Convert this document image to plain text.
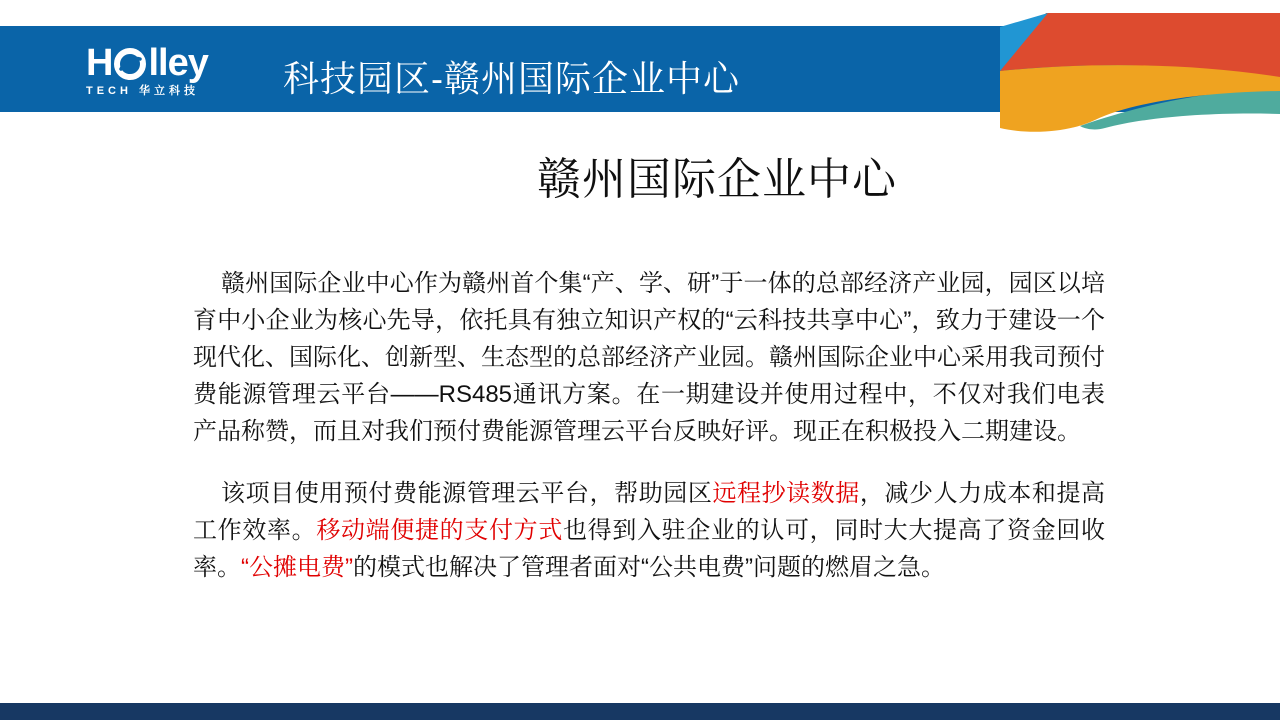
H lley
TECH 华立科技 科技园区-赣州国际企业中心
赣州国际企业中心

赣州国际企业中心作为赣州首个集“产、学、研”于一体的总部经济产业园，园区以培育中小企业为核心先导，依托具有独立知识产权的“云科技共享中心”，致力于建设一个现代化、国际化、创新型、生态型的总部经济产业园。赣州国际企业中心采用我司预付费能源管理云平台——RS485通讯方案。在一期建设并使用过程中，不仅对我们电表产品称赞，而且对我们预付费能源管理云平台反映好评。现正在积极投入二期建设。

该项目使用预付费能源管理云平台，帮助园区远程抄读数据，减少人力成本和提高工作效率。移动端便捷的支付方式也得到入驻企业的认可，同时大大提高了资金回收率。“公摊电费”的模式也解决了管理者面对“公共电费”问题的燃眉之急。
